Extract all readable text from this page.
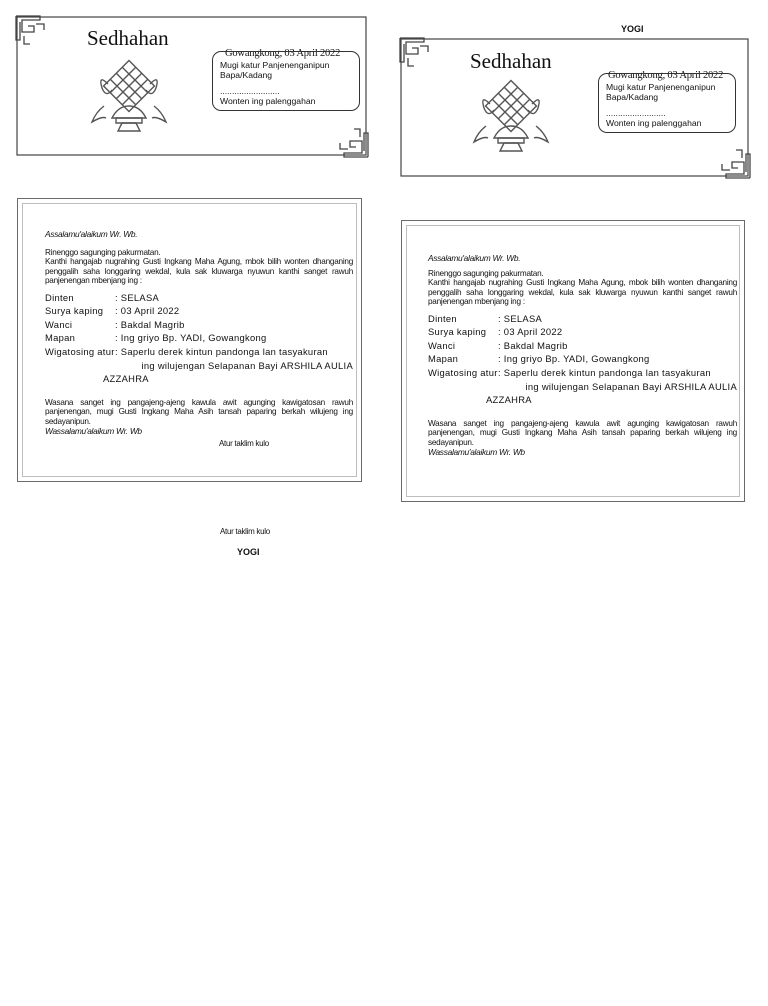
Sedhahan
Gowangkong, 03 April 2022
Mugi katur Panjenenganipun
Bapa/Kadang
.........................
Wonten ing palenggahan
YOGI
Sedhahan
Gowangkong, 03 April 2022
Mugi katur Panjenenganipun
Bapa/Kadang
.........................
Wonten ing palenggahan
Assalamu'alaikum Wr. Wb.
Rinenggo sagunging pakurmatan.
Kanthi hangajab nugrahing Gusti Ingkang Maha Agung, mbok bilih wonten dhanganing penggalih saha longgaring wekdal, kula sak kluwarga nyuwun kanthi sanget rawuh panjenengan mbenjang ing :
Dinten	: SELASA
Surya kaping	: 03 April 2022
Wanci	: Bakdal Magrib
Mapan	: Ing griyo Bp. YADI, Gowangkong
Wigatosing atur : Saperlu derek kintun pandonga lan tasyakuran
ing wilujengan Selapanan Bayi ARSHILA AULIA
AZZAHRA
Wasana sanget ing pangajeng-ajeng kawula awit agunging kawigatosan rawuh panjenengan, mugi Gusti Ingkang Maha Asih tansah paparing berkah wilujeng ing sedayanipun.
Wassalamu'alaikum Wr. Wb
Atur taklim kulo
Assalamu'alaikum Wr. Wb.
Rinenggo sagunging pakurmatan.
Kanthi hangajab nugrahing Gusti Ingkang Maha Agung, mbok bilih wonten dhanganing penggalih saha longgaring wekdal, kula sak kluwarga nyuwun kanthi sanget rawuh panjenengan mbenjang ing :
Dinten	: SELASA
Surya kaping	: 03 April 2022
Wanci	: Bakdal Magrib
Mapan	: Ing griyo Bp. YADI, Gowangkong
Wigatosing atur : Saperlu derek kintun pandonga lan tasyakuran
ing wilujengan Selapanan Bayi ARSHILA AULIA
AZZAHRA
Wasana sanget ing pangajeng-ajeng kawula awit agunging kawigatosan rawuh panjenengan, mugi Gusti Ingkang Maha Asih tansah paparing berkah wilujeng ing sedayanipun.
Wassalamu'alaikum Wr. Wb
Atur taklim kulo
YOGI
